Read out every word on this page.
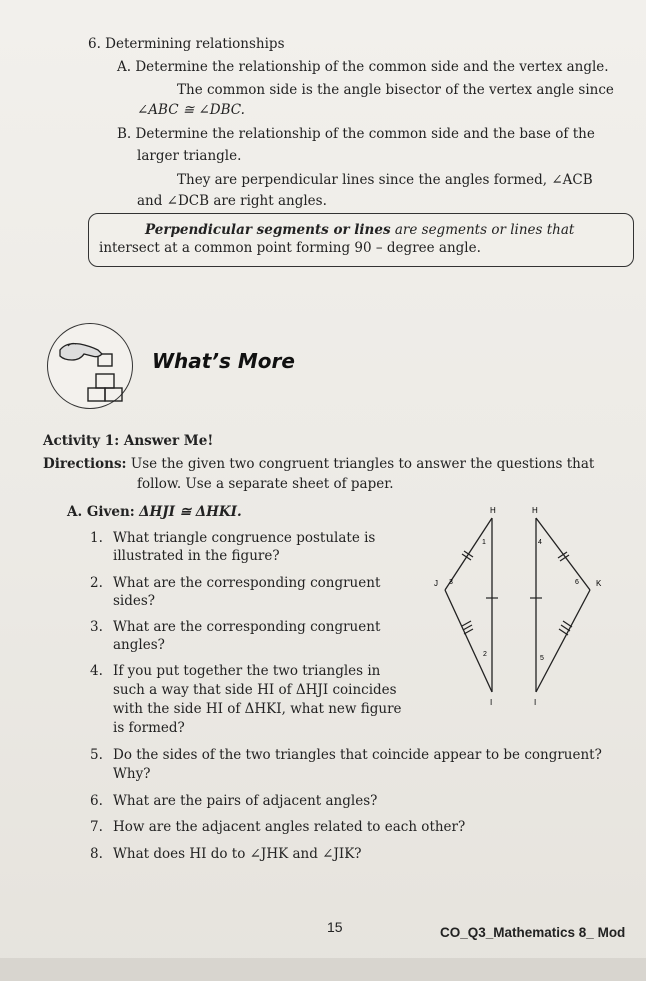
6. Determining relationships
A. Determine the relationship of the common side and the vertex angle.
The common side is the angle bisector of the vertex angle since
∠ABC ≅ ∠DBC.
B. Determine the relationship of the common side and the base of the
larger triangle.
They are perpendicular lines since the angles formed, ∠ACB
and ∠DCB are right angles.
Perpendicular segments or lines are segments or lines that
intersect at a common point forming 90 – degree angle.
What’s More
Activity 1: Answer Me!
Directions: Use the given two congruent triangles to answer the questions that
follow. Use a separate sheet of paper.
A. Given: ΔHJI ≅ ΔHKI.
1. What triangle congruence postulate is
illustrated in the figure?
2. What are the corresponding congruent
sides?
3. What are the corresponding congruent
angles?
4. If you put together the two triangles in
such a way that side HI of ΔHJI coincides
with the side HI of ΔHKI, what new figure
is formed?
5. Do the sides of the two triangles that coincide appear to be congruent?
Why?
6. What are the pairs of adjacent angles?
7. How are the adjacent angles related to each other?
8. What does HI do to ∠JHK and ∠JIK?
H
J
I
1
2
3
H
K
I
4
5
6
15	CO_Q3_Mathematics 8_ Mod
